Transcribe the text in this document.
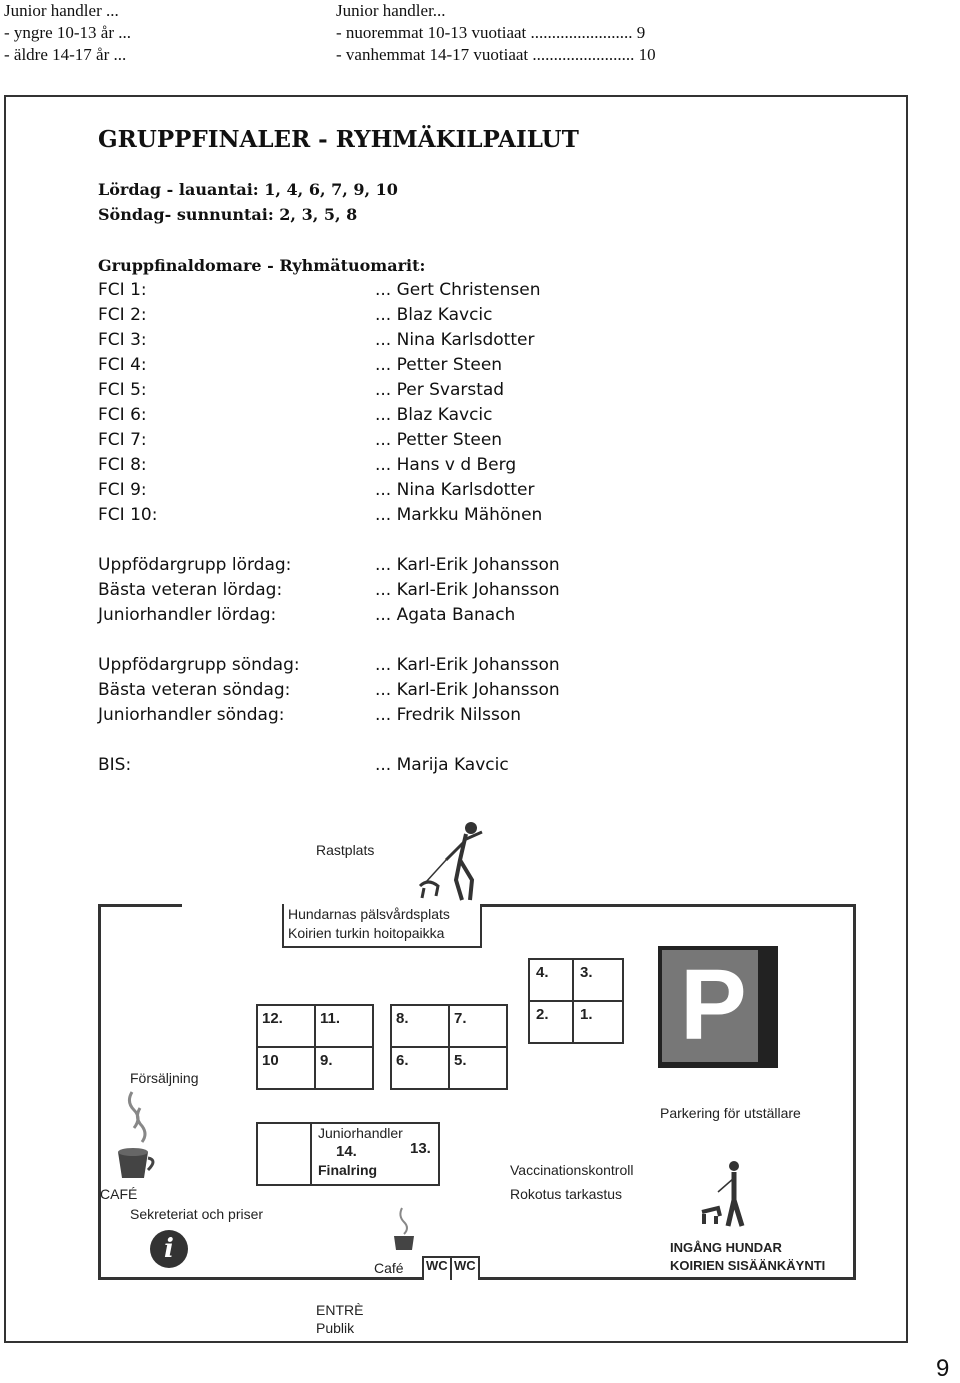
Junior handler ...	Junior handler...
- yngre 10-13 år ...	- nuoremmat 10-13 vuotiaat ........................ 9
- äldre 14-17 år ...	- vanhemmat 14-17 vuotiaat ........................ 10
GRUPPFINALER - RYHMÄKILPAILUT
Lördag - lauantai: 1, 4, 6, 7, 9, 10
Söndag- sunnuntai: 2, 3, 5, 8
Gruppfinaldomare - Ryhmätuomarit:
FCI 1:	... Gert Christensen
FCI 2:	... Blaz Kavcic
FCI 3:	... Nina Karlsdotter
FCI 4:	... Petter Steen
FCI 5:	... Per Svarstad
FCI 6:	... Blaz Kavcic
FCI 7:	... Petter Steen
FCI 8:	... Hans v d Berg
FCI 9:	... Nina Karlsdotter
FCI 10:	... Markku Mähönen
Uppfödargrupp lördag:	... Karl-Erik Johansson
Bästa veteran lördag:	... Karl-Erik Johansson
Juniorhandler lördag:	... Agata Banach
Uppfödargrupp söndag:	... Karl-Erik Johansson
Bästa veteran söndag:	... Karl-Erik Johansson
Juniorhandler söndag:	... Fredrik Nilsson
BIS:	... Marija Kavcic
Rastplats
Hundarnas pälsvårdsplats
Koirien turkin hoitopaikka
4. 3.
2. 1.
12. 11.	8.	7.
10	9.	6.	5.
Försäljning
P
Parkering för utställare
Juniorhandler
14.	13.
Finalring	Vaccinationskontroll
Rokotus tarkastus
CAFÉ
Sekreteriat och priser
i
Café WC WC
INGÅNG HUNDAR
KOIRIEN SISÄÄNKÄYNTI
ENTRÈ
Publik
9
